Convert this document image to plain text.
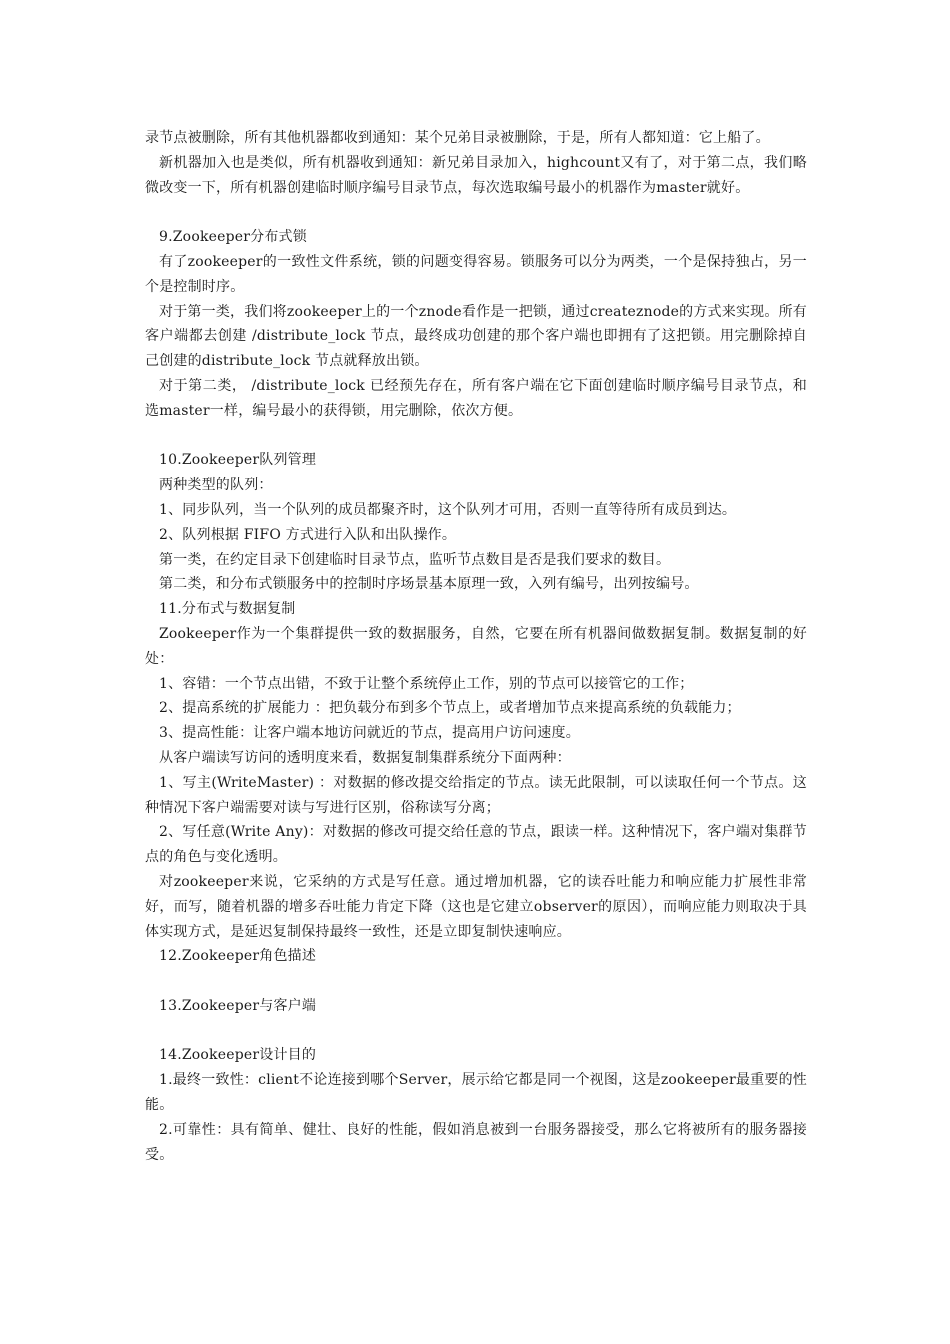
录节点被删除，所有其他机器都收到通知：某个兄弟目录被删除，于是，所有人都知道：它上船了。

新机器加入也是类似，所有机器收到通知：新兄弟目录加入，highcount又有了，对于第二点，我们略微改变一下，所有机器创建临时顺序编号目录节点，每次选取编号最小的机器作为master就好。

9.Zookeeper分布式锁

有了zookeeper的一致性文件系统，锁的问题变得容易。锁服务可以分为两类，一个是保持独占，另一个是控制时序。

对于第一类，我们将zookeeper上的一个znode看作是一把锁，通过createznode的方式来实现。所有客户端都去创建 /distribute_lock 节点，最终成功创建的那个客户端也即拥有了这把锁。用完删除掉自己创建的distribute_lock 节点就释放出锁。

对于第二类， /distribute_lock 已经预先存在，所有客户端在它下面创建临时顺序编号目录节点，和选master一样，编号最小的获得锁，用完删除，依次方便。

10.Zookeeper队列管理

两种类型的队列：

1、同步队列，当一个队列的成员都聚齐时，这个队列才可用，否则一直等待所有成员到达。

2、队列根据 FIFO 方式进行入队和出队操作。

第一类，在约定目录下创建临时目录节点，监听节点数目是否是我们要求的数目。

第二类，和分布式锁服务中的控制时序场景基本原理一致，入列有编号，出列按编号。

11.分布式与数据复制

Zookeeper作为一个集群提供一致的数据服务，自然，它要在所有机器间做数据复制。数据复制的好处：

1、容错：一个节点出错，不致于让整个系统停止工作，别的节点可以接管它的工作；

2、提高系统的扩展能力 ：把负载分布到多个节点上，或者增加节点来提高系统的负载能力；

3、提高性能：让客户端本地访问就近的节点，提高用户访问速度。

从客户端读写访问的透明度来看，数据复制集群系统分下面两种：

1、写主(WriteMaster) ：对数据的修改提交给指定的节点。读无此限制，可以读取任何一个节点。这种情况下客户端需要对读与写进行区别，俗称读写分离；

2、写任意(Write Any)：对数据的修改可提交给任意的节点，跟读一样。这种情况下，客户端对集群节点的角色与变化透明。

对zookeeper来说，它采纳的方式是写任意。通过增加机器，它的读吞吐能力和响应能力扩展性非常好，而写，随着机器的增多吞吐能力肯定下降（这也是它建立observer的原因），而响应能力则取决于具体实现方式，是延迟复制保持最终一致性，还是立即复制快速响应。

12.Zookeeper角色描述

13.Zookeeper与客户端

14.Zookeeper设计目的

1.最终一致性：client不论连接到哪个Server，展示给它都是同一个视图，这是zookeeper最重要的性能。

2.可靠性：具有简单、健壮、良好的性能，假如消息被到一台服务器接受，那么它将被所有的服务器接受。
